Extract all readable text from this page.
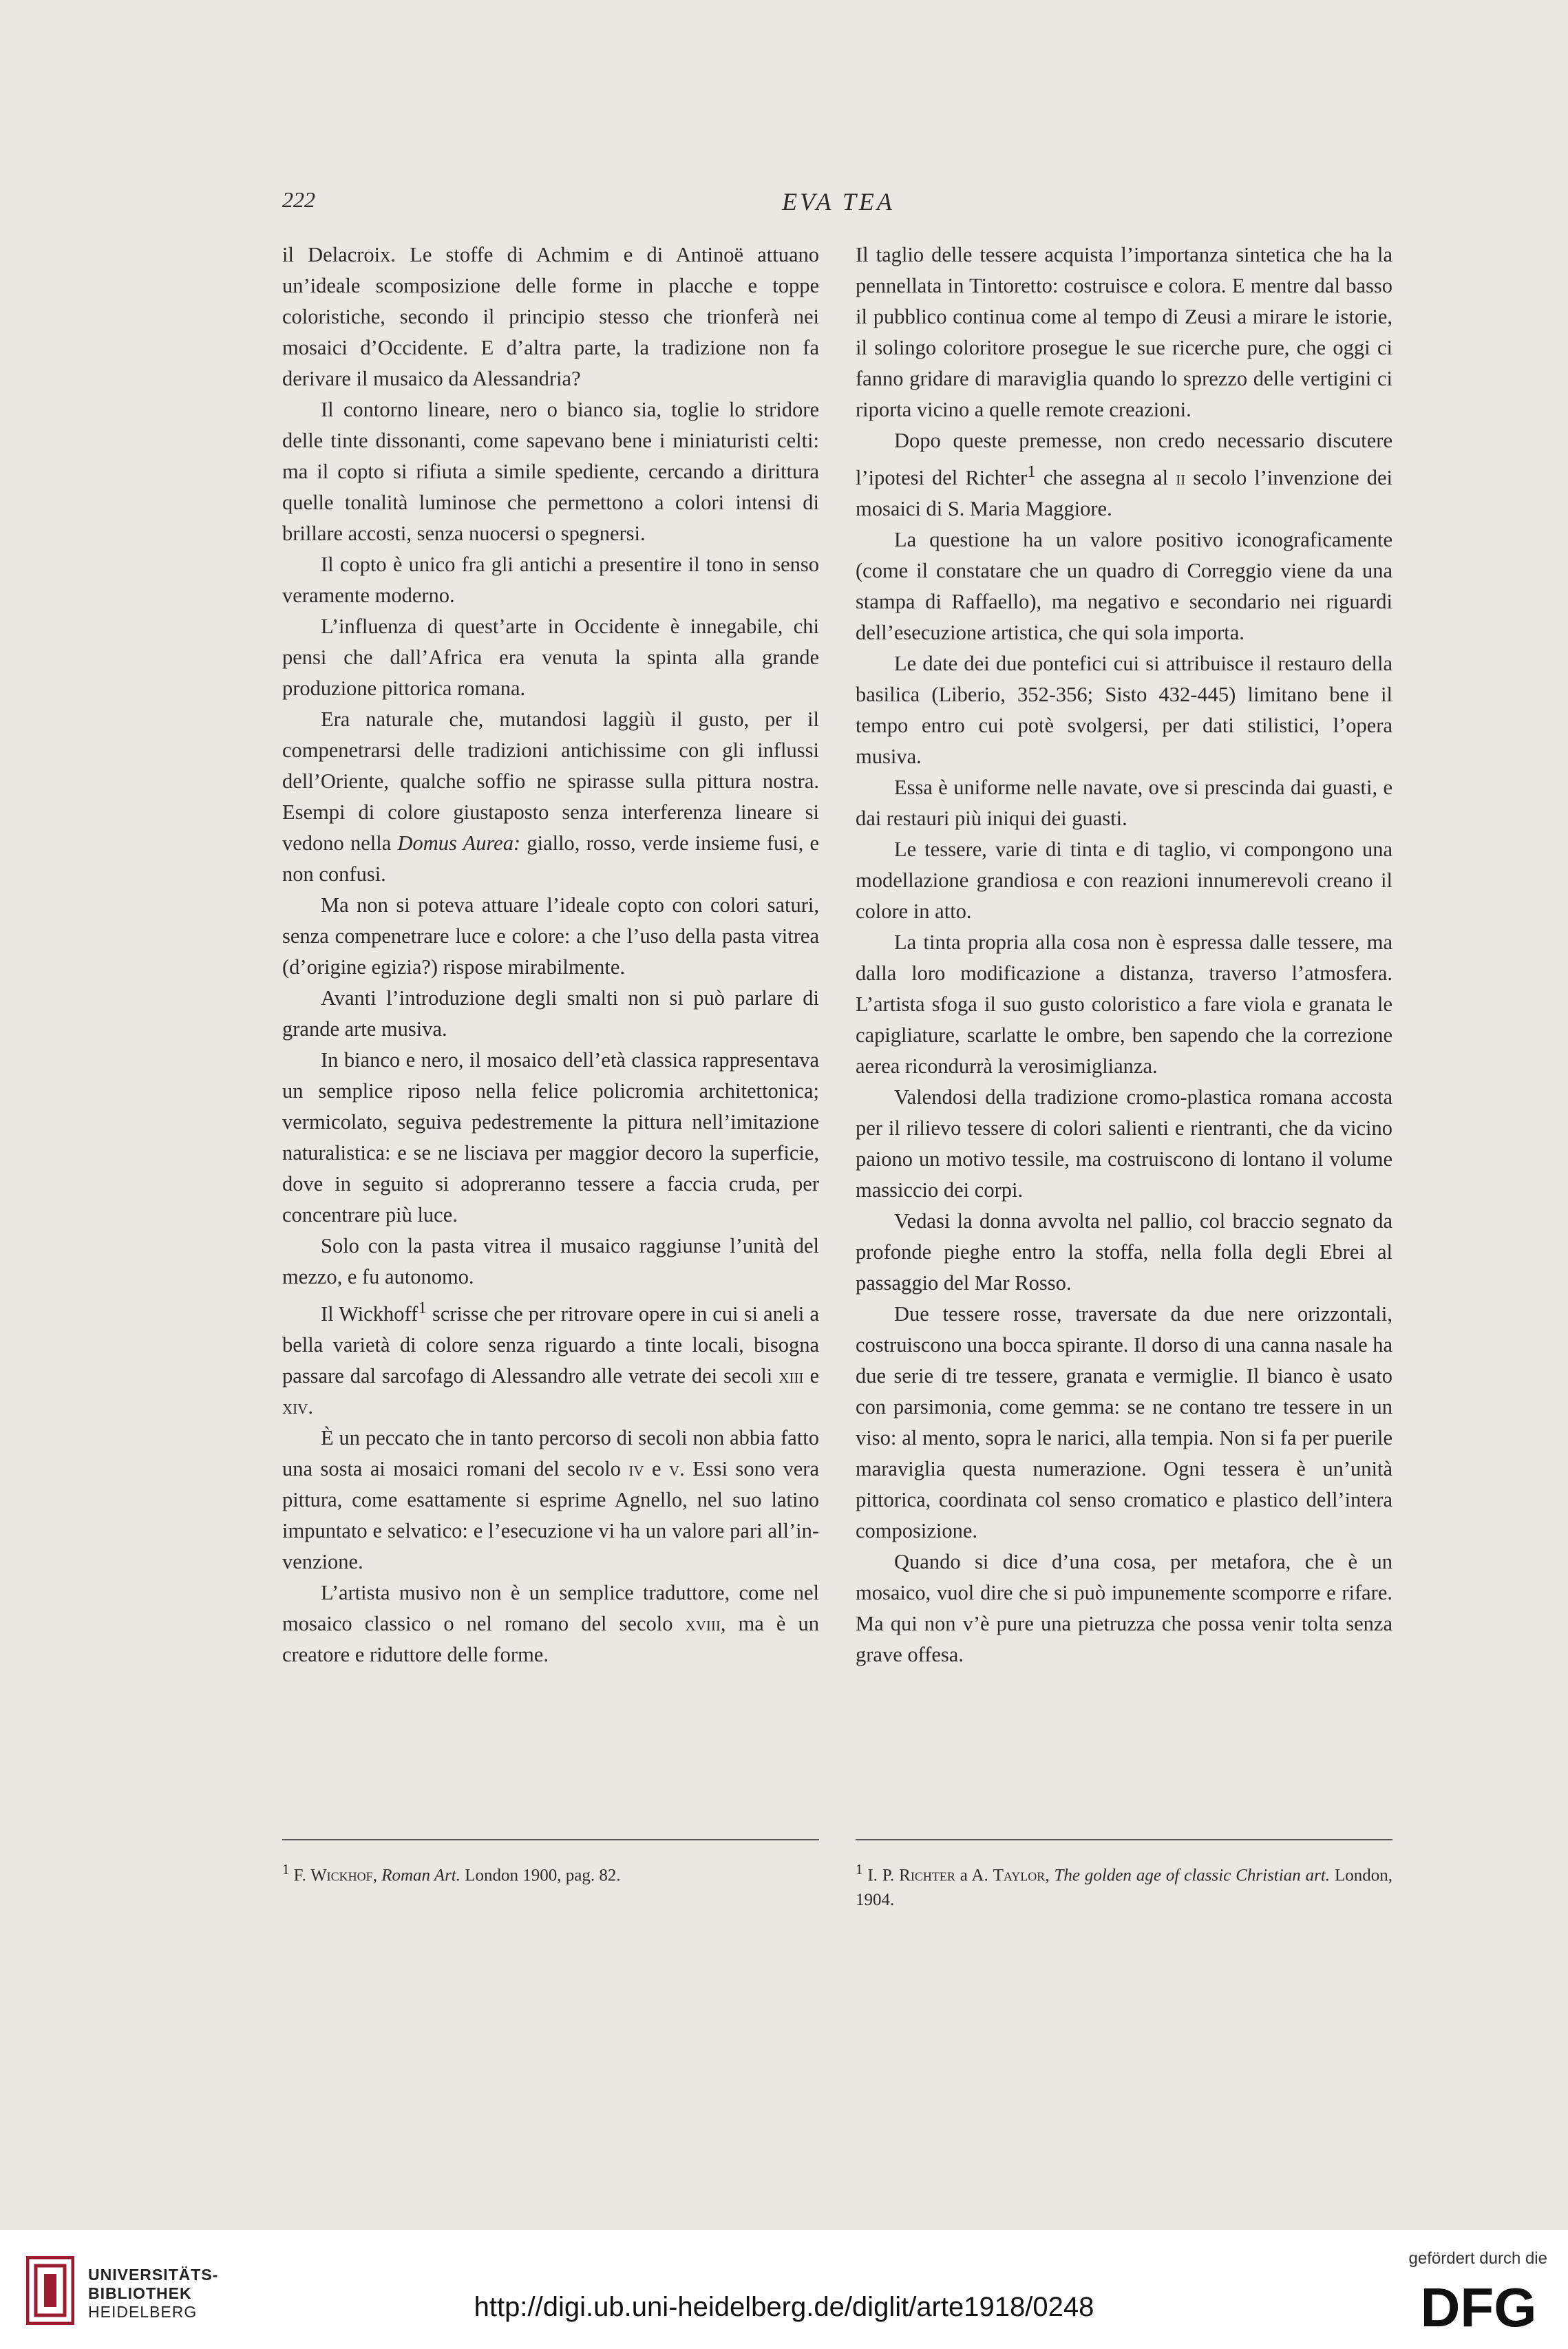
222	EVA TEA

il Delacroix. Le stoffe di Achmim e di Antinoë attuano un’ideale scomposizione delle forme in placche e toppe coloristiche, secondo il principio stesso che trionferà nei mosaici d’Occidente. E d’altra parte, la tradizione non fa derivare il musaico da Alessandria?

Il contorno lineare, nero o bianco sia, toglie lo stridore delle tinte dissonanti, come sapevano bene i miniaturisti celti: ma il copto si rifiuta a simile spediente, cercando a dirittura quelle tonalità luminose che permettono a colori intensi di brillare accosti, senza nuocersi o spegnersi.

Il copto è unico fra gli antichi a presentire il tono in senso veramente moderno.

L’influenza di quest’arte in Occidente è innegabile, chi pensi che dall’Africa era venuta la spinta alla grande produzione pittorica romana.

Era naturale che, mutandosi laggiù il gusto, per il compenetrarsi delle tradizioni antichissime con gli influssi dell’Oriente, qualche soffio ne spirasse sulla pittura nostra. Esempi di colore giustaposto senza interferenza lineare si vedono nella Domus Aurea: giallo, rosso, verde insieme fusi, e non confusi.

Ma non si poteva attuare l’ideale copto con colori saturi, senza compenetrare luce e colore: a che l’uso della pasta vitrea (d’origine egizia?) rispose mirabilmente.

Avanti l’introduzione degli smalti non si può parlare di grande arte musiva.

In bianco e nero, il mosaico dell’età classica rappresentava un semplice riposo nella felice policromia architettonica; vermicolato, seguiva pedestremente la pittura nell’imitazione naturalistica: e se ne lisciava per maggior decoro la superficie, dove in seguito si adopreranno tessere a faccia cruda, per concentrare più luce.

Solo con la pasta vitrea il musaico raggiunse l’unità del mezzo, e fu autonomo.

Il Wickhoff$^1$ scrisse che per ritrovare opere in cui si aneli a bella varietà di colore senza riguardo a tinte locali, bisogna passare dal sarcofago di Alessandro alle vetrate dei secoli xiii e xiv.

È un peccato che in tanto percorso di secoli non abbia fatto una sosta ai mosaici romani del secolo iv e v. Essi sono vera pittura, come esattamente si esprime Agnello, nel suo latino impuntato e selvatico: e l’esecuzione vi ha un valore pari all’invenzione.

L’artista musivo non è un semplice traduttore, come nel mosaico classico o nel romano del secolo xviii, ma è un creatore e riduttore delle forme.

Il taglio delle tessere acquista l’importanza sintetica che ha la pennellata in Tintoretto: costruisce e colora. E mentre dal basso il pubblico continua come al tempo di Zeusi a mirare le istorie, il solingo coloritore prosegue le sue ricerche pure, che oggi ci fanno gridare di maraviglia quando lo sprezzo delle vertigini ci riporta vicino a quelle remote creazioni.

Dopo queste premesse, non credo necessario discutere l’ipotesi del Richter$^1$ che assegna al ii secolo l’invenzione dei mosaici di S. Maria Maggiore.

La questione ha un valore positivo iconograficamente (come il constatare che un quadro di Correggio viene da una stampa di Raffaello), ma negativo e secondario nei riguardi dell’esecuzione artistica, che qui sola importa.

Le date dei due pontefici cui si attribuisce il restauro della basilica (Liberio, 352-356; Sisto 432-445) limitano bene il tempo entro cui potè svolgersi, per dati stilistici, l’opera musiva.

Essa è uniforme nelle navate, ove si prescinda dai guasti, e dai restauri più iniqui dei guasti.

Le tessere, varie di tinta e di taglio, vi compongono una modellazione grandiosa e con reazioni innumerevoli creano il colore in atto.

La tinta propria alla cosa non è espressa dalle tessere, ma dalla loro modificazione a distanza, traverso l’atmosfera. L’artista sfoga il suo gusto coloristico a fare viola e granata le capigliature, scarlatte le ombre, ben sapendo che la correzione aerea ricondurrà la verosimiglianza.

Valendosi della tradizione cromo-plastica romana accosta per il rilievo tessere di colori salienti e rientranti, che da vicino paiono un motivo tessile, ma costruiscono di lontano il volume massiccio dei corpi.

Vedasi la donna avvolta nel pallio, col braccio segnato da profonde pieghe entro la stoffa, nella folla degli Ebrei al passaggio del Mar Rosso.

Due tessere rosse, traversate da due nere orizzontali, costruiscono una bocca spirante. Il dorso di una canna nasale ha due serie di tre tessere, granata e vermiglie. Il bianco è usato con parsimonia, come gemma: se ne contano tre tessere in un viso: al mento, sopra le narici, alla tempia. Non si fa per puerile maraviglia questa numerazione. Ogni tessera è un’unità pittorica, coordinata col senso cromatico e plastico dell’intera composizione.

Quando si dice d’una cosa, per metafora, che è un mosaico, vuol dire che si può impunemente scomporre e rifare. Ma qui non v’è pure una pietruzza che possa venir tolta senza grave offesa.

$^1$ F. Wickhof, Roman Art. London 1900, pag. 82.	$^1$ I. P. Richter a A. Taylor, The golden age of classic Christian art. London, 1904.
UNIVERSITÄTS-
BIBLIOTHEK
HEIDELBERG	http://digi.ub.uni-heidelberg.de/diglit/arte1918/0248
gefördert durch die
DFG
